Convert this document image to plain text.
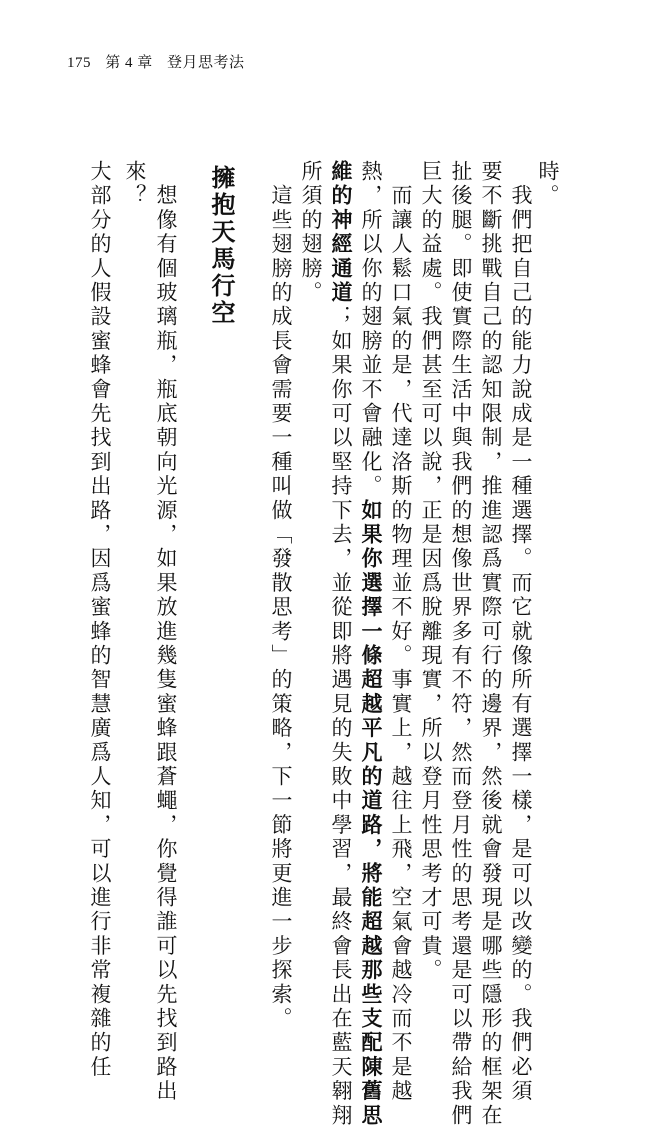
175 第 4 章 登月思考法
時。
　我們把自己的能力說成是一種選擇。而它就像所有選擇一樣，是可以改變的。我們必須
要不斷挑戰自己的認知限制，推進認爲實際可行的邊界，然後就會發現是哪些隱形的框架在
扯後腿。即使實際生活中與我們的想像世界多有不符，然而登月性的思考還是可以帶給我們
巨大的益處。我們甚至可以說，正是因爲脫離現實，所以登月性思考才可貴。
　而讓人鬆口氣的是，代達洛斯的物理並不好。事實上，越往上飛，空氣會越冷而不是越
熱，所以你的翅膀並不會融化。如果你選擇一條超越平凡的道路，將能超越那些支配陳舊思
維的神經通道；如果你可以堅持下去，並從即將遇見的失敗中學習，最終會長出在藍天翱翔
所須的翅膀。
　這些翅膀的成長會需要一種叫做「發散思考」的策略，下一節將更進一步探索。
擁抱天馬行空
　想像有個玻璃瓶，瓶底朝向光源，如果放進幾隻蜜蜂跟蒼蠅，你覺得誰可以先找到路出
來？
大部分的人假設蜜蜂會先找到出路，因爲蜜蜂的智慧廣爲人知，可以進行非常複雜的任
